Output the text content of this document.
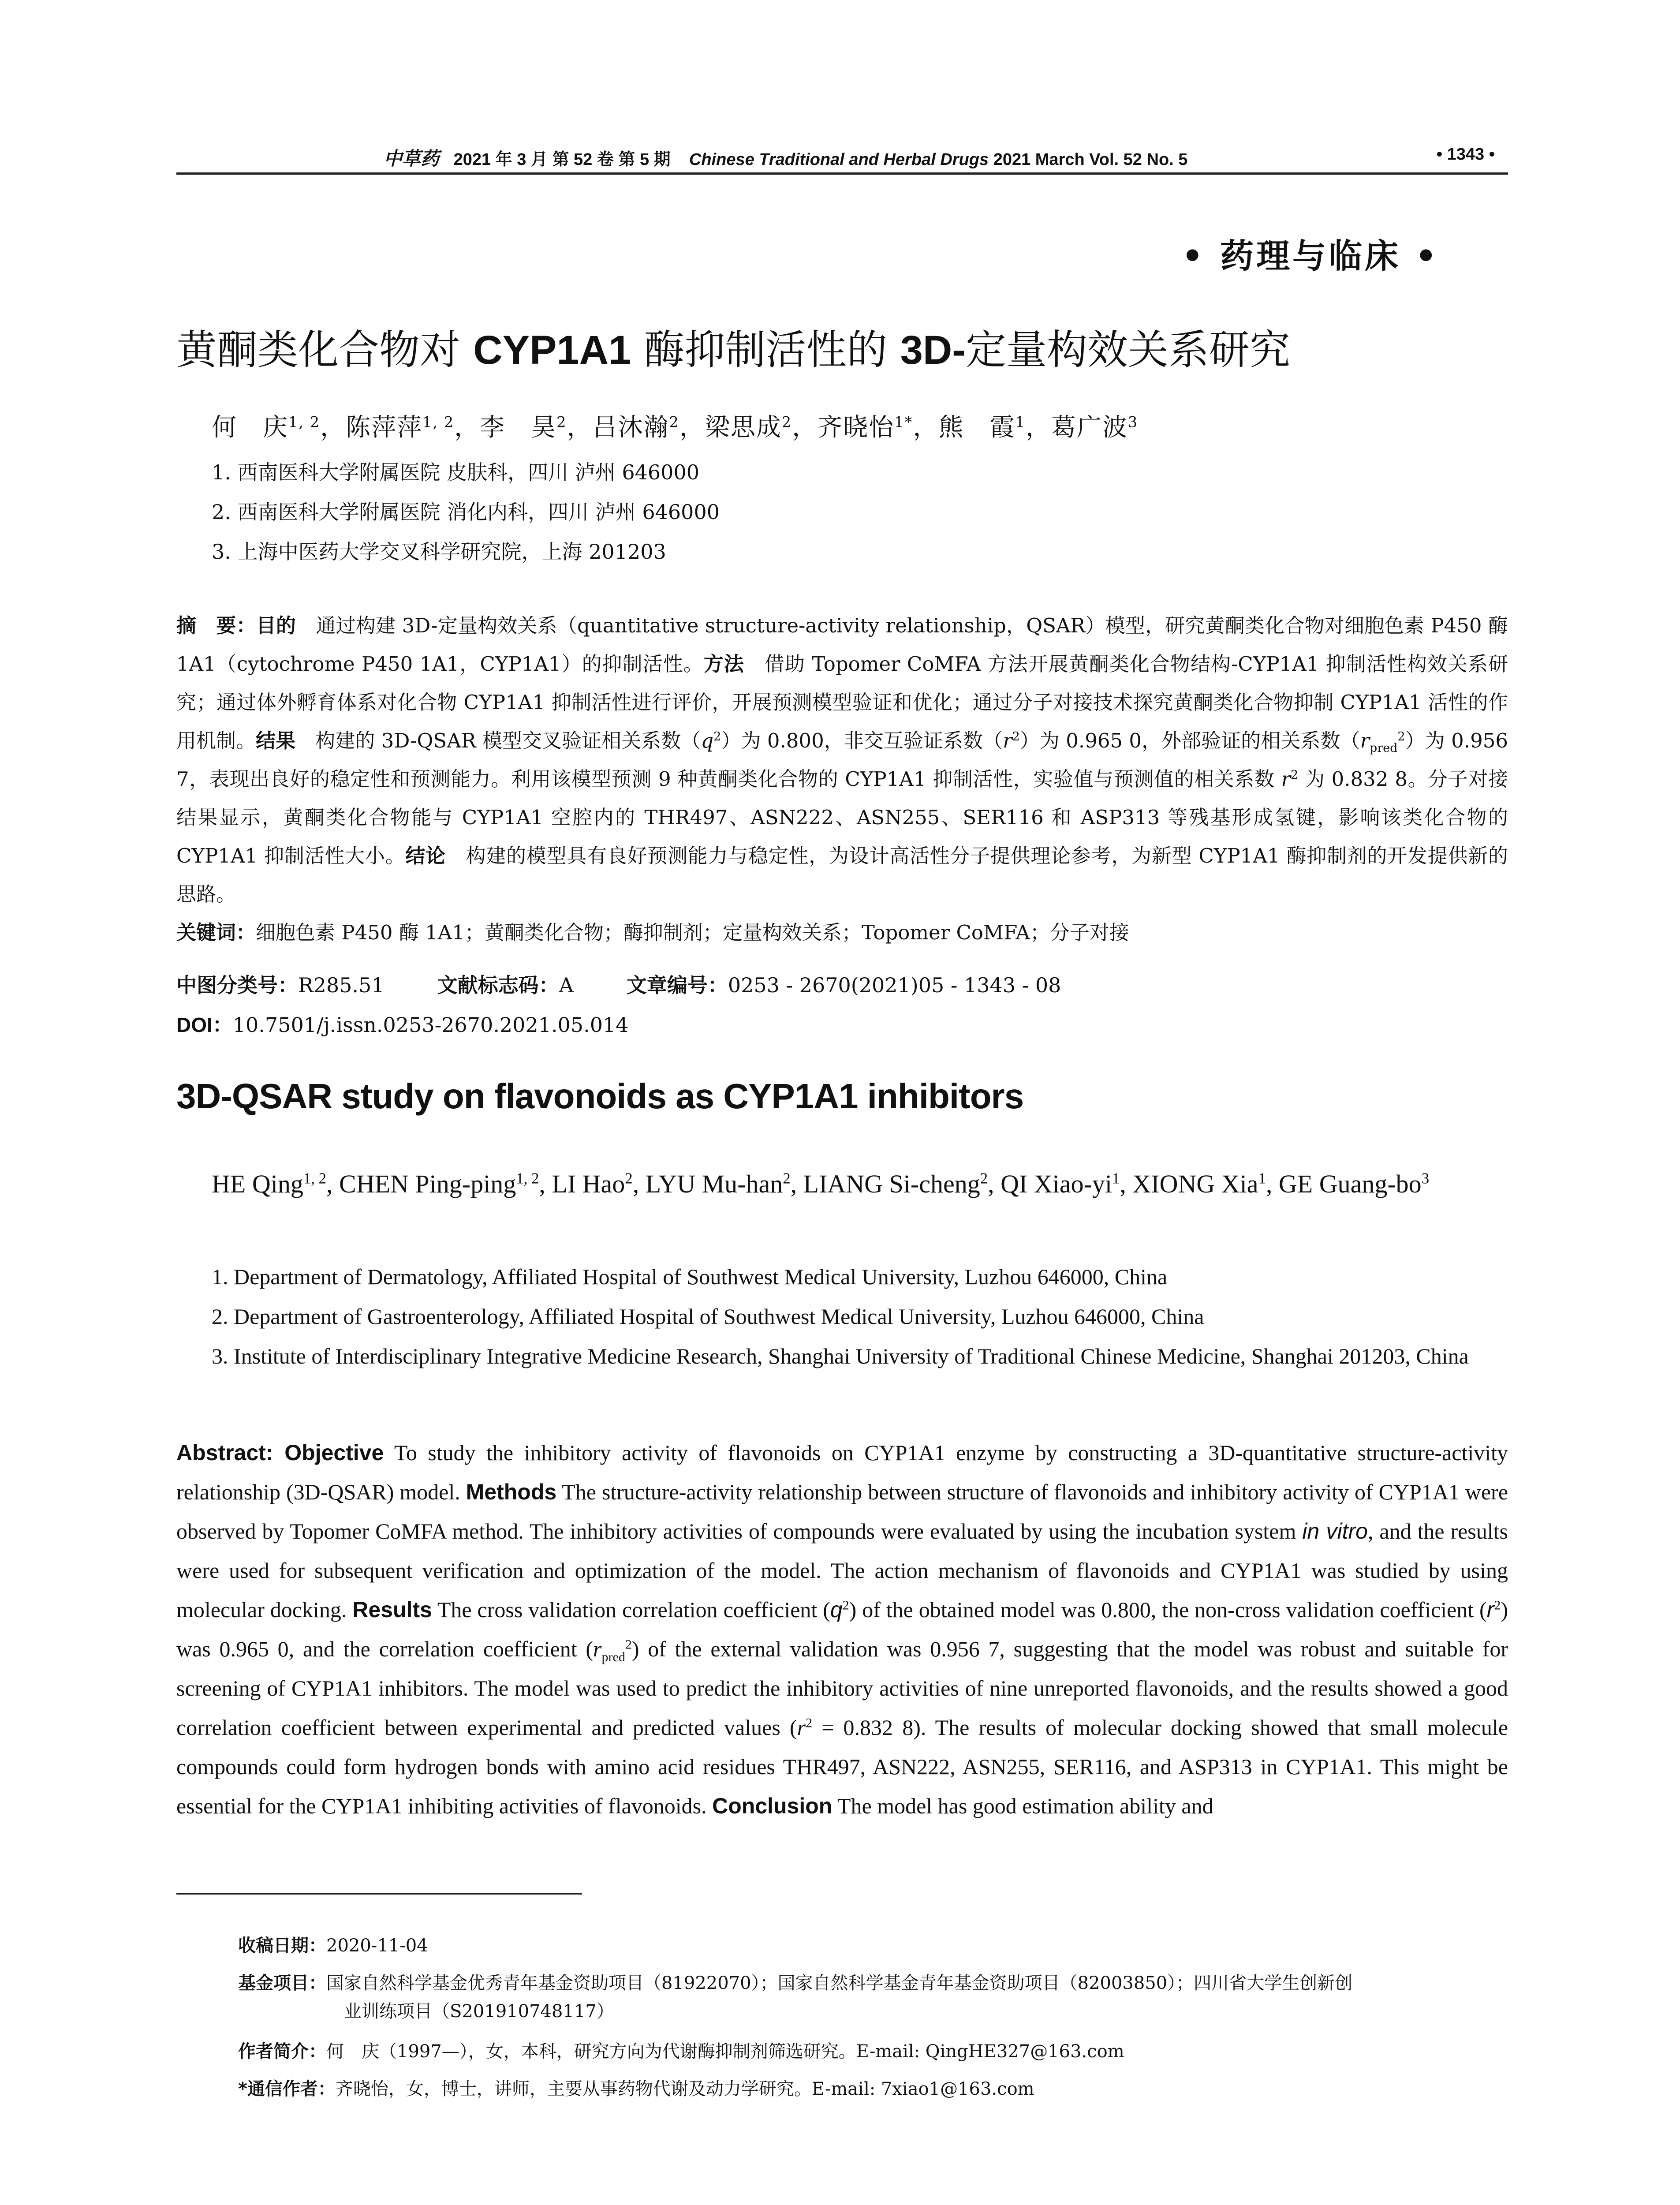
中草药 2021 年 3 月 第 52 卷 第 5 期 Chinese Traditional and Herbal Drugs 2021 March Vol. 52 No. 5	• 1343 •
• 药理与临床 •
黄酮类化合物对 CYP1A1 酶抑制活性的 3D-定量构效关系研究
何　庆$^{1, 2}$，陈萍萍$^{1, 2}$，李　昊$^2$，吕沐瀚$^2$，梁思成$^2$，齐晓怡$^{1*}$，熊　霞$^1$，葛广波$^3$
1. 西南医科大学附属医院 皮肤科，四川 泸州 646000
2. 西南医科大学附属医院 消化内科，四川 泸州 646000
3. 上海中医药大学交叉科学研究院，上海 201203
摘　要：目的　通过构建 3D-定量构效关系（quantitative structure-activity relationship，QSAR）模型，研究黄酮类化合物对细胞色素 P450 酶 1A1（cytochrome P450 1A1，CYP1A1）的抑制活性。方法　借助 Topomer CoMFA 方法开展黄酮类化合物结构-CYP1A1 抑制活性构效关系研究；通过体外孵育体系对化合物 CYP1A1 抑制活性进行评价，开展预测模型验证和优化；通过分子对接技术探究黄酮类化合物抑制 CYP1A1 活性的作用机制。结果　构建的 3D-QSAR 模型交叉验证相关系数$(q^2)$为 0.800，非交互验证系数$(r^2)$为 0.965 0，外部验证的相关系数$(r_{pred}^2)$为 0.956 7，表现出良好的稳定性和预测能力。利用该模型预测 9 种黄酮类化合物的 CYP1A1 抑制活性，实验值与预测值的相关系数 $r^2$ 为 0.832 8。分子对接结果显示，黄酮类化合物能与 CYP1A1 空腔内的 THR497、ASN222、ASN255、SER116 和 ASP313 等残基形成氢键，影响该类化合物的 CYP1A1 抑制活性大小。结论　构建的模型具有良好预测能力与稳定性，为设计高活性分子提供理论参考，为新型 CYP1A1 酶抑制剂的开发提供新的思路。
关键词：细胞色素 P450 酶 1A1；黄酮类化合物；酶抑制剂；定量构效关系；Topomer CoMFA；分子对接
中图分类号：R285.51	文献标志码：A	文章编号：0253 - 2670(2021)05 - 1343 - 08
DOI：10.7501/j.issn.0253-2670.2021.05.014
3D-QSAR study on flavonoids as CYP1A1 inhibitors
HE Qing$^{1, 2}$, CHEN Ping-ping$^{1, 2}$, LI Hao$^2$, LYU Mu-han$^2$, LIANG Si-cheng$^2$, QI Xiao-$yi^1$, XIONG Xia$^1$, GE Guang-$bo^3$
1. Department of Dermatology, Affiliated Hospital of Southwest Medical University, Luzhou 646000, China
2. Department of Gastroenterology, Affiliated Hospital of Southwest Medical University, Luzhou 646000, China
3. Institute of Interdisciplinary Integrative Medicine Research, Shanghai University of Traditional Chinese Medicine, Shanghai 201203, China
Abstract: Objective To study the inhibitory activity of flavonoids on CYP1A1 enzyme by constructing a 3D-quantitative structure-activity relationship (3D-QSAR) model. Methods The structure-activity relationship between structure of flavonoids and inhibitory activity of CYP1A1 were observed by Topomer CoMFA method. The inhibitory activities of compounds were evaluated by using the incubation system in vitro, and the results were used for subsequent verification and optimization of the model. The action mechanism of flavonoids and CYP1A1 was studied by using molecular docking. Results The cross validation correlation coefficient $(q^2)$ of the obtained model was 0.800, the non-cross validation coefficient $(r^2)$ was 0.965 0, and the correlation coefficient $(r_{pred}^2)$ of the external validation was 0.956 7, suggesting that the model was robust and suitable for screening of CYP1A1 inhibitors. The model was used to predict the inhibitory activities of nine unreported flavonoids, and the results showed a good correlation coefficient between experimental and predicted values ($r^2 = 0.832$ 8). The results of molecular docking showed that small molecule compounds could form hydrogen bonds with amino acid residues THR497, ASN222, ASN255, SER116, and ASP313 in CYP1A1. This might be essential for the CYP1A1 inhibiting activities of flavonoids. Conclusion The model has good estimation ability and
收稿日期：2020-11-04
基金项目：国家自然科学基金优秀青年基金资助项目（81922070）；国家自然科学基金青年基金资助项目（82003850）；四川省大学生创新创
业训练项目（S201910748117）
作者简介：何　庆（1997—），女，本科，研究方向为代谢酶抑制剂筛选研究。E-mail: QingHE327@163.com
*通信作者：齐晓怡，女，博士，讲师，主要从事药物代谢及动力学研究。E-mail: 7xiao1@163.com
